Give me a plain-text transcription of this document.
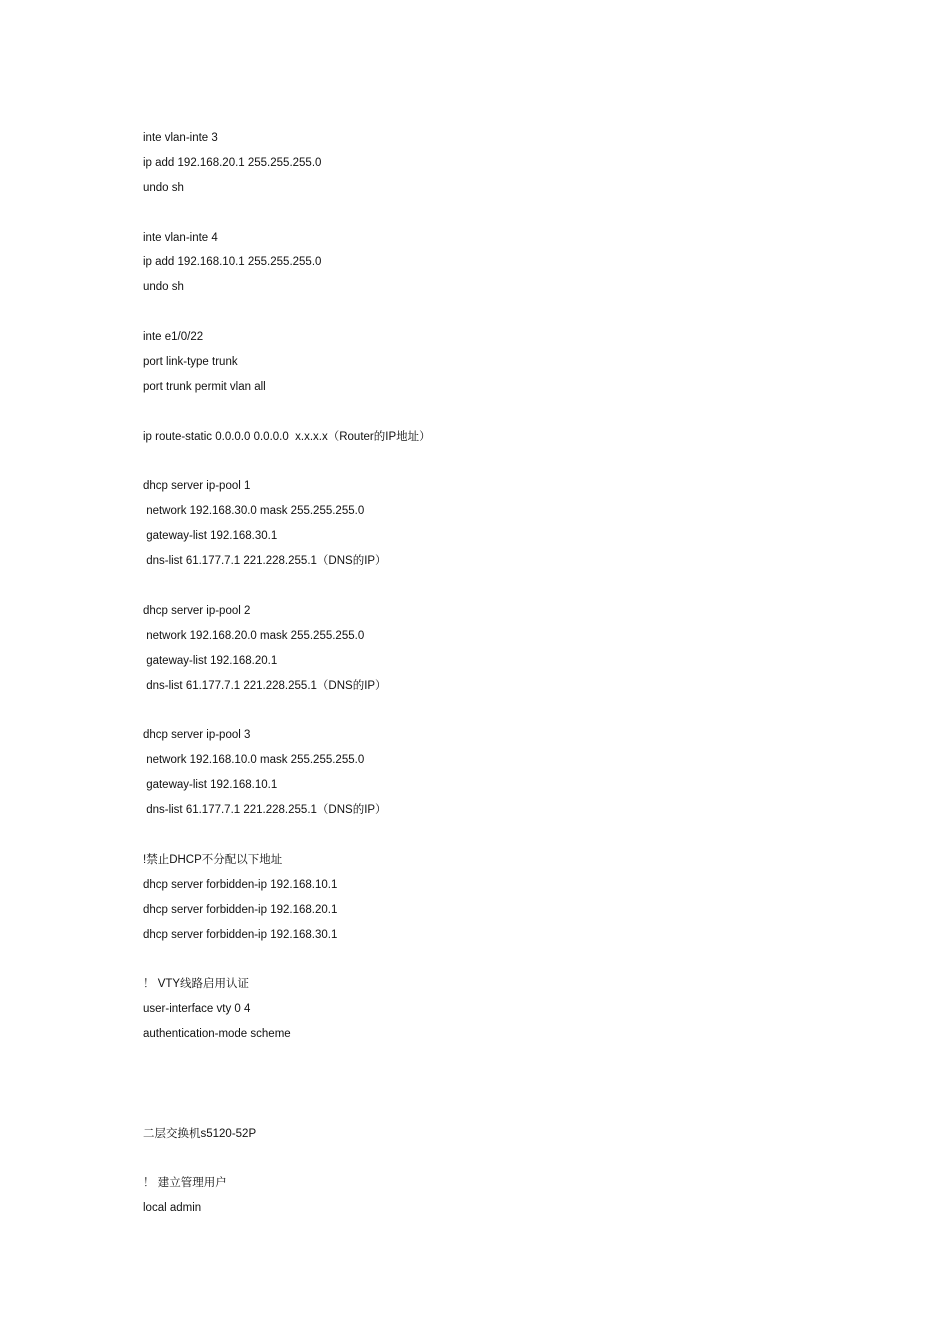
inte vlan-inte 3
ip add 192.168.20.1 255.255.255.0
undo sh
inte vlan-inte 4
ip add 192.168.10.1 255.255.255.0
undo sh
inte e1/0/22
port link-type trunk
port trunk permit vlan all
ip route-static 0.0.0.0 0.0.0.0  x.x.x.x（Router的IP地址）
dhcp server ip-pool 1
network 192.168.30.0 mask 255.255.255.0
gateway-list 192.168.30.1
dns-list 61.177.7.1 221.228.255.1（DNS的IP）
dhcp server ip-pool 2
network 192.168.20.0 mask 255.255.255.0
gateway-list 192.168.20.1
dns-list 61.177.7.1 221.228.255.1（DNS的IP）
dhcp server ip-pool 3
network 192.168.10.0 mask 255.255.255.0
gateway-list 192.168.10.1
dns-list 61.177.7.1 221.228.255.1（DNS的IP）
!禁止DHCP不分配以下地址
dhcp server forbidden-ip 192.168.10.1
dhcp server forbidden-ip 192.168.20.1
dhcp server forbidden-ip 192.168.30.1
！ VTY线路启用认证
user-interface vty 0 4
authentication-mode scheme
二层交换机s5120-52P
！ 建立管理用户
local admin
